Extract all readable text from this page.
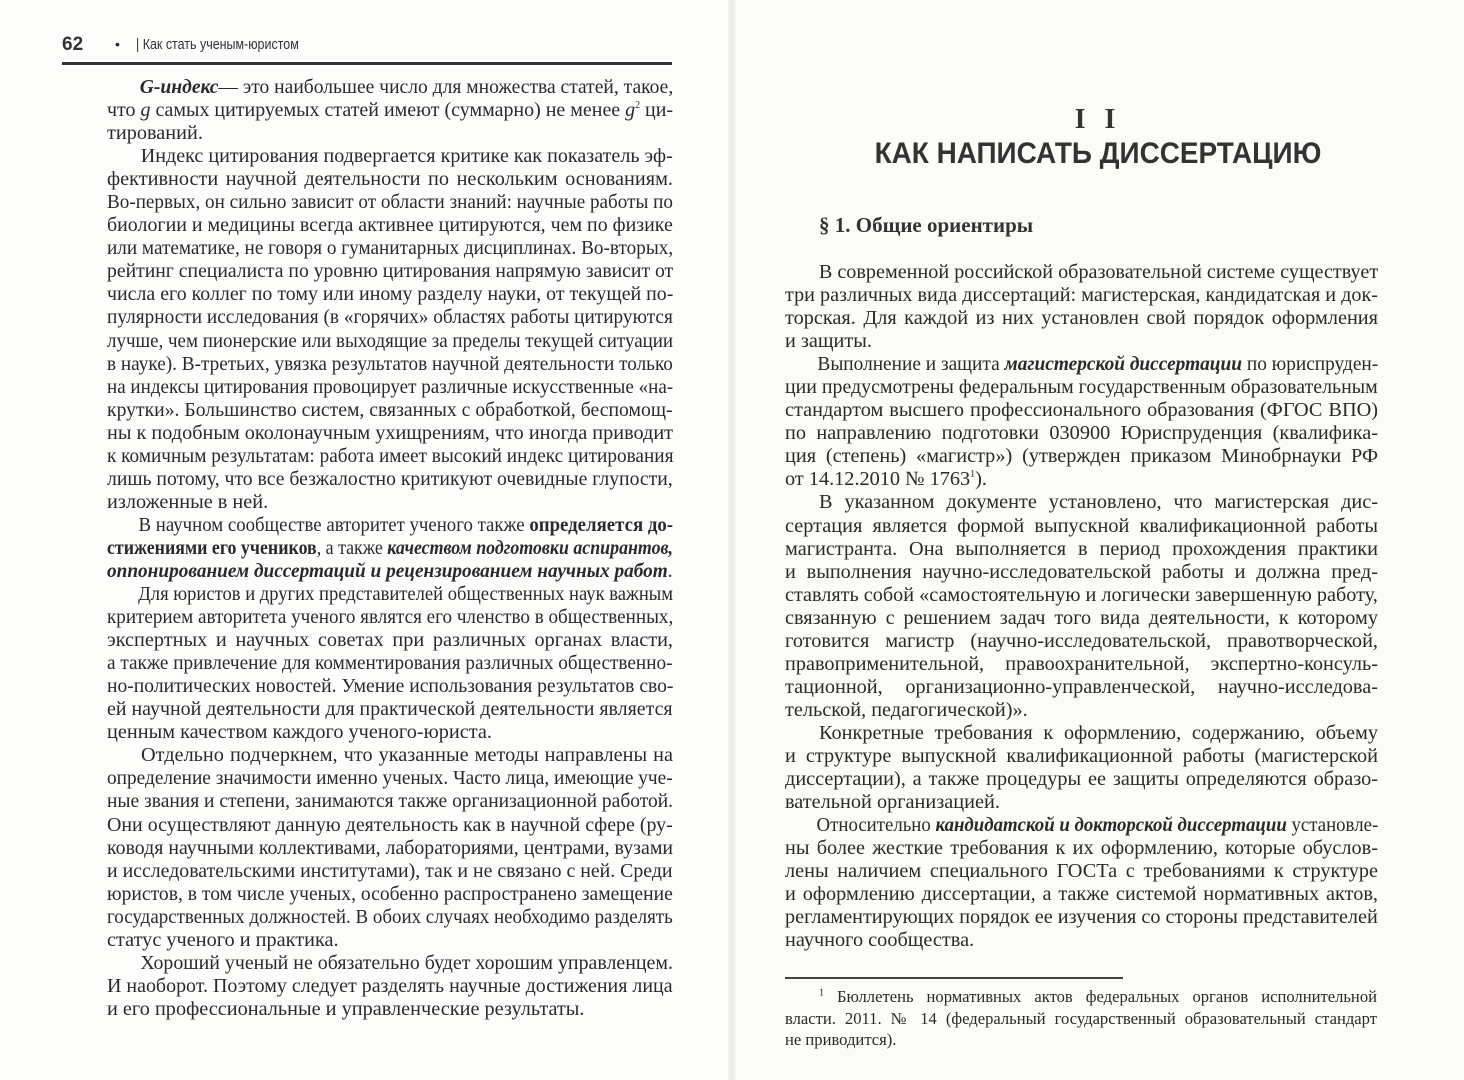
62 •	| Как стать ученым-юристом
G-индекс— это наибольшее число для множества статей, такое,
что g самых цитируемых статей имеют (суммарно) не менее $g^2$ ци-
тирований.
Индекс цитирования подвергается критике как показатель эф-
фективности научной деятельности по нескольким основаниям.
Во-первых, он сильно зависит от области знаний: научные работы по
биологии и медицины всегда активнее цитируются, чем по физике
или математике, не говоря о гуманитарных дисциплинах. Во-вторых,
рейтинг специалиста по уровню цитирования напрямую зависит от
числа его коллег по тому или иному разделу науки, от текущей по-
пулярности исследования (в «горячих» областях работы цитируются
лучше, чем пионерские или выходящие за пределы текущей ситуации
в науке). В-третьих, увязка результатов научной деятельности только
на индексы цитирования провоцирует различные искусственные «на-
крутки». Большинство систем, связанных с обработкой, беспомощ-
ны к подобным околонаучным ухищрениям, что иногда приводит
к комичным результатам: работа имеет высокий индекс цитирования
лишь потому, что все безжалостно критикуют очевидные глупости,
изложенные в ней.
В научном сообществе авторитет ученого также определяется до-
стижениями его учеников, а также качеством подготовки аспирантов,
оппонированием диссертаций и рецензированием научных работ.
Для юристов и других представителей общественных наук важным
критерием авторитета ученого являтся его членство в общественных,
экспертных и научных советах при различных органах власти,
а также привлечение для комментирования различных общественно-
но-политических новостей. Умение использования результатов сво-
ей научной деятельности для практической деятельности является
ценным качеством каждого ученого-юриста.
Отдельно подчеркнем, что указанные методы направлены на
определение значимости именно ученых. Часто лица, имеющие уче-
ные звания и степени, занимаются также организационной работой.
Они осуществляют данную деятельность как в научной сфере (ру-
ководя научными коллективами, лабораториями, центрами, вузами
и исследовательскими институтами), так и не связано с ней. Среди
юристов, в том числе ученых, особенно распространено замещение
государственных должностей. В обоих случаях необходимо разделять
статус ученого и практика.
Хороший ученый не обязательно будет хорошим управленцем.
И наоборот. Поэтому следует разделять научные достижения лица
и его профессиональные и управленческие результаты.
I I
КАК НАПИСАТЬ ДИССЕРТАЦИЮ
§ 1. Общие ориентиры
В современной российской образовательной системе существует
три различных вида диссертаций: магистерская, кандидатская и док-
торская. Для каждой из них установлен свой порядок оформления
и защиты.
Выполнение и защита магистерской диссертации по юриспруден-
ции предусмотрены федеральным государственным образовательным
стандартом высшего профессионального образования (ФГОС ВПО)
по направлению подготовки 030900 Юриспруденция (квалифика-
ция (степень) «магистр») (утвержден приказом Минобрнауки РФ
от 14.12.2010 № 1763$^1$).
В указанном документе установлено, что магистерская дис-
сертация является формой выпускной квалификационной работы
магистранта. Она выполняется в период прохождения практики
и выполнения научно-исследовательской работы и должна пред-
ставлять собой «самостоятельную и логически завершенную работу,
связанную с решением задач того вида деятельности, к которому
готовится магистр (научно-исследовательской, правотворческой,
правоприменительной, правоохранительной, экспертно-консуль-
тационной, организационно-управленческой, научно-исследова-
тельской, педагогической)».
Конкретные требования к оформлению, содержанию, объему
и структуре выпускной квалификационной работы (магистерской
диссертации), а также процедуры ее защиты определяются образо-
вательной организацией.
Относительно кандидатской и докторской диссертации установле-
ны более жесткие требования к их оформлению, которые обуслов-
лены наличием специального ГОСТа с требованиями к структуре
и оформлению диссертации, а также системой нормативных актов,
регламентирующих порядок ее изучения со стороны представителей
научного сообщества.
$^1$ Бюллетень нормативных актов федеральных органов исполнительной
власти. 2011. № 14 (федеральный государственный образовательный стандарт
не приводится).
